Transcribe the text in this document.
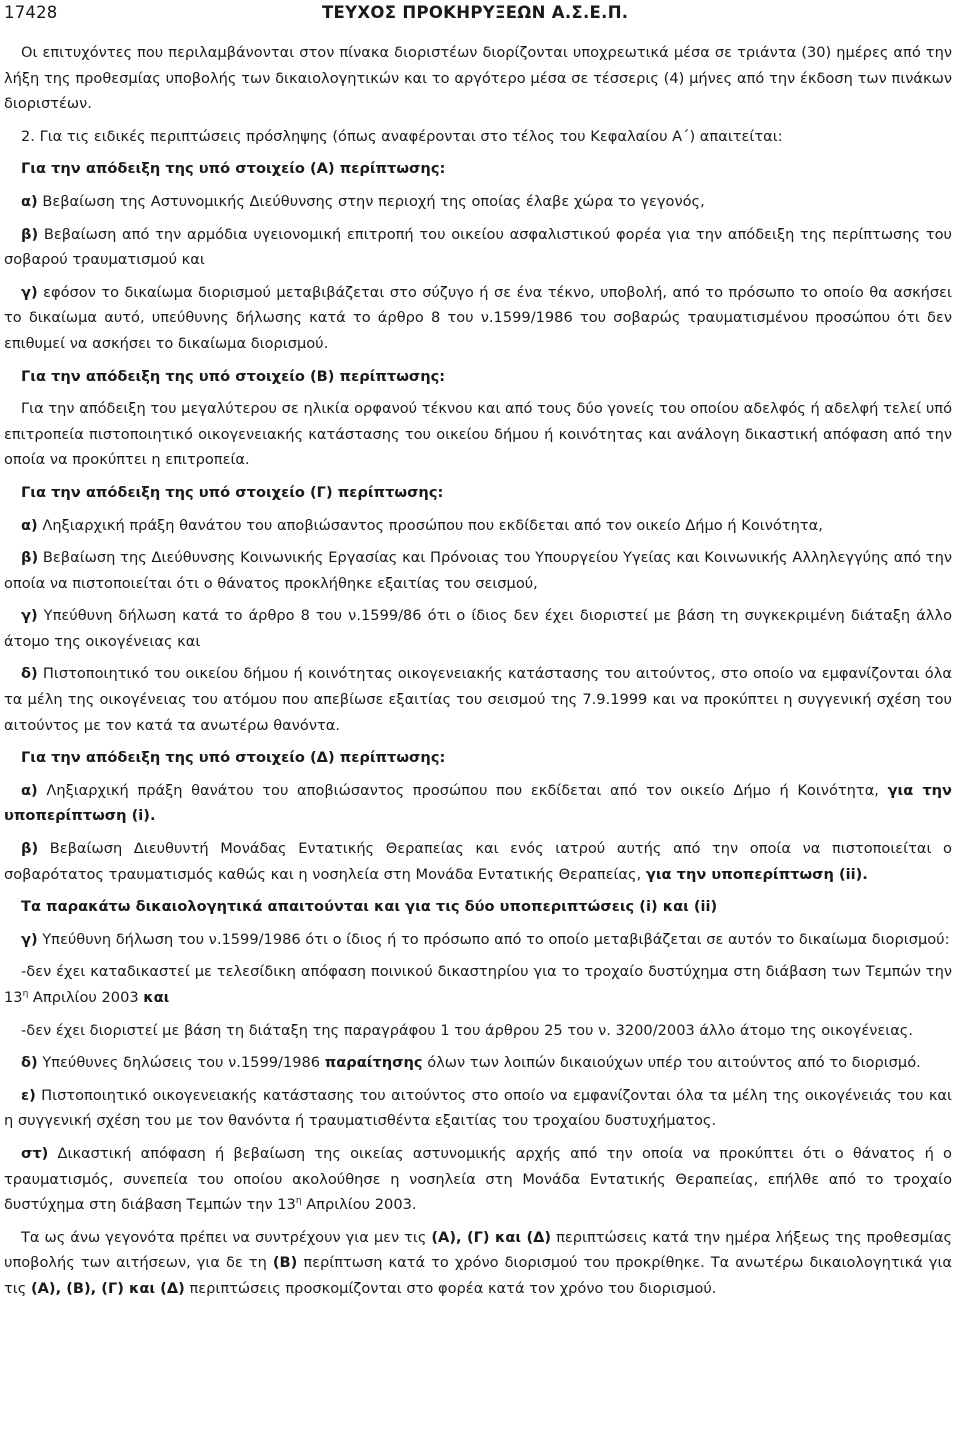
17428	ΤΕΥΧΟΣ ΠΡΟΚΗΡΥΞΕΩΝ Α.Σ.Ε.Π.

Οι επιτυχόντες που περιλαμβάνονται στον πίνακα διοριστέων διορίζονται υποχρεωτικά μέσα σε τριάντα (30) ημέρες από την λήξη της προθεσμίας υποβολής των δικαιολογητικών και το αργότερο μέσα σε τέσσερις (4) μήνες από την έκδοση των πινάκων διοριστέων.

2. Για τις ειδικές περιπτώσεις πρόσληψης (όπως αναφέρονται στο τέλος του Κεφαλαίου Α΄) απαιτείται:

Για την απόδειξη της υπό στοιχείο (Α) περίπτωσης:

α) Βεβαίωση της Αστυνομικής Διεύθυνσης στην περιοχή της οποίας έλαβε χώρα το γεγονός,

β) Βεβαίωση από την αρμόδια υγειονομική επιτροπή του οικείου ασφαλιστικού φορέα για την απόδειξη της περίπτωσης του σοβαρού τραυματισμού και

γ) εφόσον το δικαίωμα διορισμού μεταβιβάζεται στο σύζυγο ή σε ένα τέκνο, υποβολή, από το πρόσωπο το οποίο θα ασκήσει το δικαίωμα αυτό, υπεύθυνης δήλωσης κατά το άρθρο 8 του ν.1599/1986 του σοβαρώς τραυματισμένου προσώπου ότι δεν επιθυμεί να ασκήσει το δικαίωμα διορισμού.

Για την απόδειξη της υπό στοιχείο (Β) περίπτωσης:

Για την απόδειξη του μεγαλύτερου σε ηλικία ορφανού τέκνου και από τους δύο γονείς του οποίου αδελφός ή αδελφή τελεί υπό επιτροπεία πιστοποιητικό οικογενειακής κατάστασης του οικείου δήμου ή κοινότητας και ανάλογη δικαστική απόφαση από την οποία να προκύπτει η επιτροπεία.

Για την απόδειξη της υπό στοιχείο (Γ) περίπτωσης:

α) Ληξιαρχική πράξη θανάτου του αποβιώσαντος προσώπου που εκδίδεται από τον οικείο Δήμο ή Κοινότητα,

β) Βεβαίωση της Διεύθυνσης Κοινωνικής Εργασίας και Πρόνοιας του Υπουργείου Υγείας και Κοινωνικής Αλληλεγγύης από την οποία να πιστοποιείται ότι ο θάνατος προκλήθηκε εξαιτίας του σεισμού,

γ) Υπεύθυνη δήλωση κατά το άρθρο 8 του ν.1599/86 ότι ο ίδιος δεν έχει διοριστεί με βάση τη συγκεκριμένη διάταξη άλλο άτομο της οικογένειας και

δ) Πιστοποιητικό του οικείου δήμου ή κοινότητας οικογενειακής κατάστασης του αιτούντος, στο οποίο να εμφανίζονται όλα τα μέλη της οικογένειας του ατόμου που απεβίωσε εξαιτίας του σεισμού της 7.9.1999 και να προκύπτει η συγγενική σχέση του αιτούντος με τον κατά τα ανωτέρω θανόντα.

Για την απόδειξη της υπό στοιχείο (Δ) περίπτωσης:

α) Ληξιαρχική πράξη θανάτου του αποβιώσαντος προσώπου που εκδίδεται από τον οικείο Δήμο ή Κοινότητα, για την υποπερίπτωση (i).

β) Βεβαίωση Διευθυντή Μονάδας Εντατικής Θεραπείας και ενός ιατρού αυτής από την οποία να πιστοποιείται ο σοβαρότατος τραυματισμός καθώς και η νοσηλεία στη Μονάδα Εντατικής Θεραπείας, για την υποπερίπτωση (ii).

Τα παρακάτω δικαιολογητικά απαιτούνται και για τις δύο υποπεριπτώσεις (i) και (ii)

γ) Υπεύθυνη δήλωση του ν.1599/1986 ότι ο ίδιος ή το πρόσωπο από το οποίο μεταβιβάζεται σε αυτόν το δικαίωμα διορισμού:

-δεν έχει καταδικαστεί με τελεσίδικη απόφαση ποινικού δικαστηρίου για το τροχαίο δυστύχημα στη διάβαση των Τεμπών την $13^\eta$ Απριλίου 2003 και

-δεν έχει διοριστεί με βάση τη διάταξη της παραγράφου 1 του άρθρου 25 του ν. 3200/2003 άλλο άτομο της οικογένειας.

δ) Υπεύθυνες δηλώσεις του ν.1599/1986 παραίτησης όλων των λοιπών δικαιούχων υπέρ του αιτούντος από το διορισμό.

ε) Πιστοποιητικό οικογενειακής κατάστασης του αιτούντος στο οποίο να εμφανίζονται όλα τα μέλη της οικογένειάς του και η συγγενική σχέση του με τον θανόντα ή τραυματισθέντα εξαιτίας του τροχαίου δυστυχήματος.

στ) Δικαστική απόφαση ή βεβαίωση της οικείας αστυνομικής αρχής από την οποία να προκύπτει ότι ο θάνατος ή ο τραυματισμός, συνεπεία του οποίου ακολούθησε η νοσηλεία στη Μονάδα Εντατικής Θεραπείας, επήλθε από το τροχαίο δυστύχημα στη διάβαση Τεμπών την $13^\eta$ Απριλίου 2003.

Τα ως άνω γεγονότα πρέπει να συντρέχουν για μεν τις (Α), (Γ) και (Δ) περιπτώσεις κατά την ημέρα λήξεως της προθεσμίας υποβολής των αιτήσεων, για δε τη (Β) περίπτωση κατά το χρόνο διορισμού του προκρίθηκε. Τα ανωτέρω δικαιολογητικά για τις (Α), (Β), (Γ) και (Δ) περιπτώσεις προσκομίζονται στο φορέα κατά τον χρόνο του διορισμού.
